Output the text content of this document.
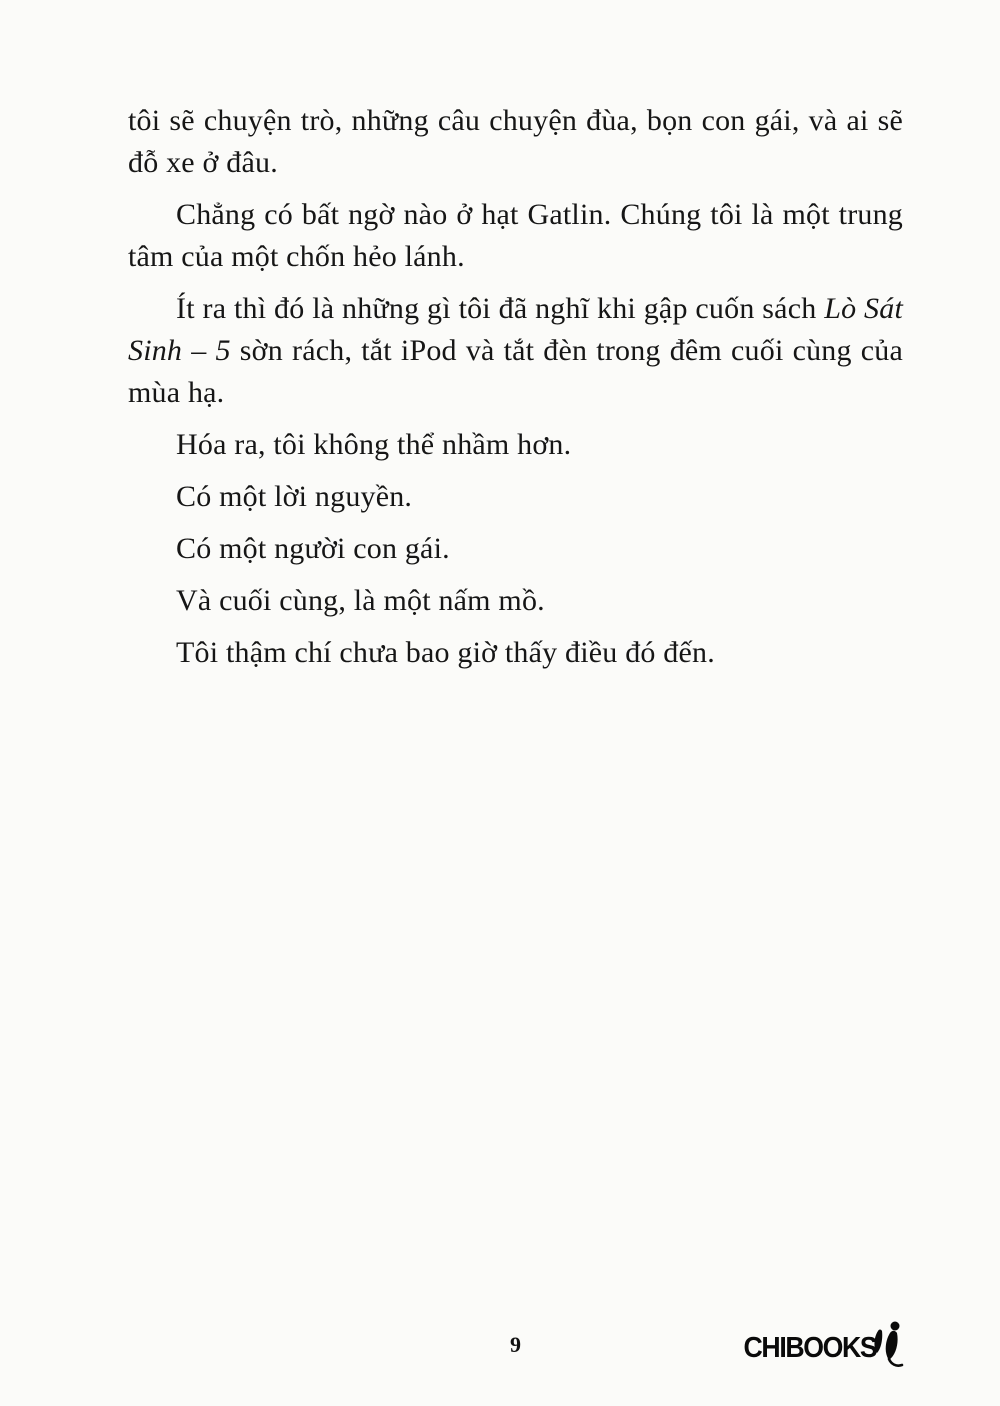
tôi sẽ chuyện trò, những câu chuyện đùa, bọn con gái, và ai sẽ đỗ xe ở đâu.

Chẳng có bất ngờ nào ở hạt Gatlin. Chúng tôi là một trung tâm của một chốn hẻo lánh.

Ít ra thì đó là những gì tôi đã nghĩ khi gập cuốn sách Lò Sát Sinh – 5 sờn rách, tắt iPod và tắt đèn trong đêm cuối cùng của mùa hạ.

Hóa ra, tôi không thể nhầm hơn.

Có một lời nguyền.

Có một người con gái.

Và cuối cùng, là một nấm mồ.

Tôi thậm chí chưa bao giờ thấy điều đó đến.

9	CHIBOOKS
